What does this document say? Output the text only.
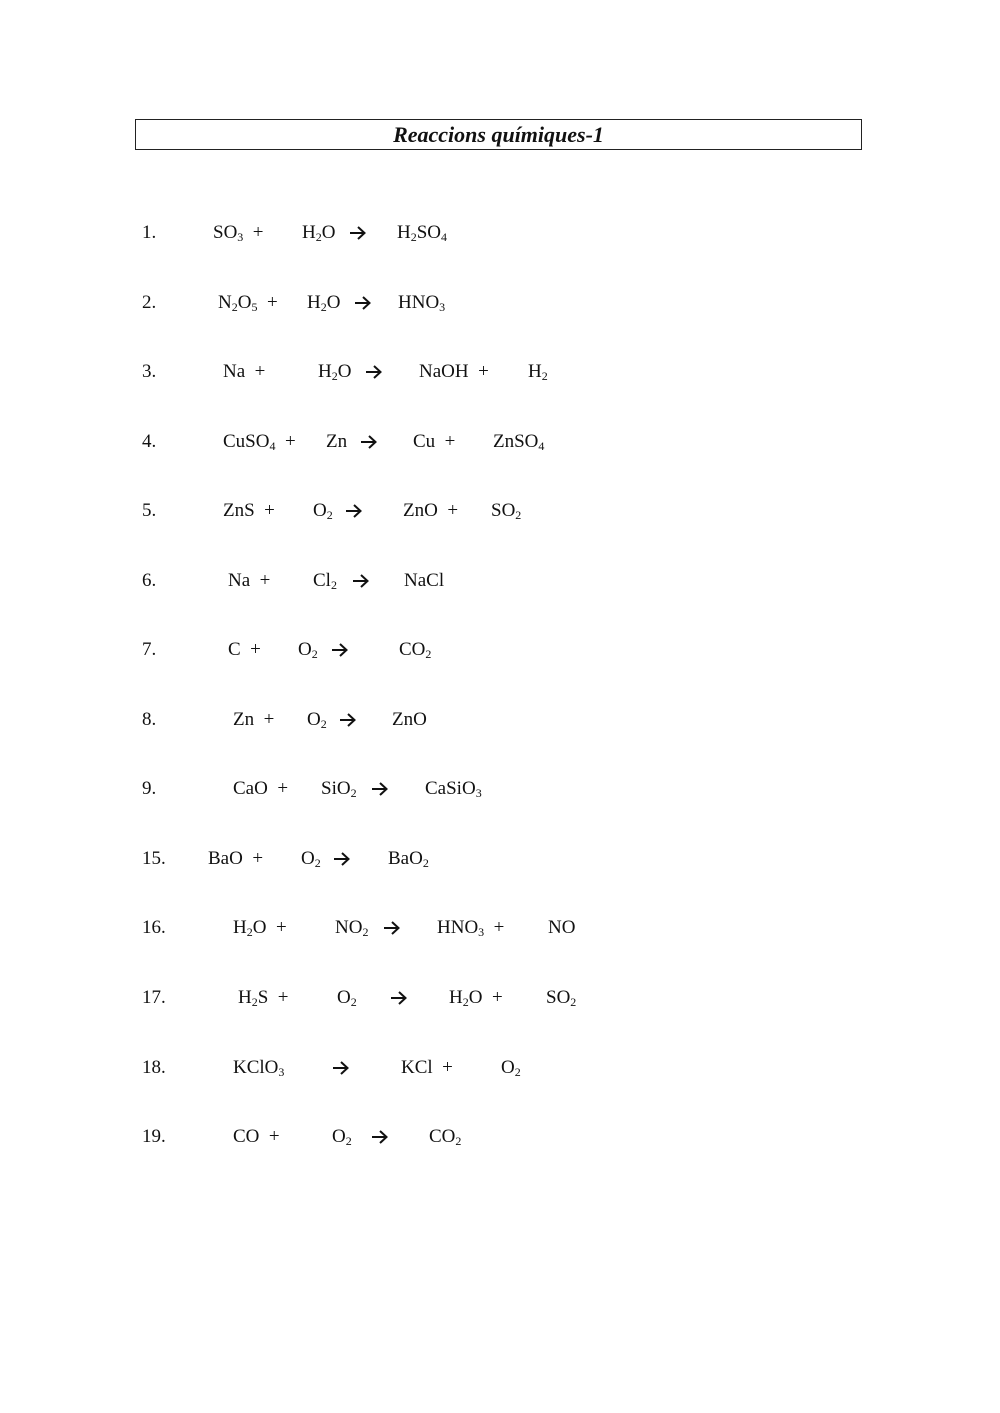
Reaccions químiques-1
1.	$SO_3 + H_2O$	$H_2SO_4$
2.	$N_2O_5 + H_2O$	$HNO_3$
3.	Na  +	$H_2O$	NaOH  + $H_2$
4.	CuSO$_4$  + Zn	Cu  + ZnSO$_4$
5.	ZnS  + $O_2$	ZnO  + $SO_2$
6.	$Na + Cl_2$	NaCl
7.	$C + O_2$	$CO_2$
8.	$Zn + O_2$	ZnO
9.	CaO  + SiO$_2$	CaSiO$_3$
15. BaO  + $O_2$	BaO$_2$
16.	$H_2O$  +	$NO_2$	$HNO_3$  + NO
17.	$H_2S$  +	$O_2$	$H_2O + SO_2$
18.	KClO$_3$	KCl  +	$O_2$
19.	CO  +	$O_2$	$CO_2$
